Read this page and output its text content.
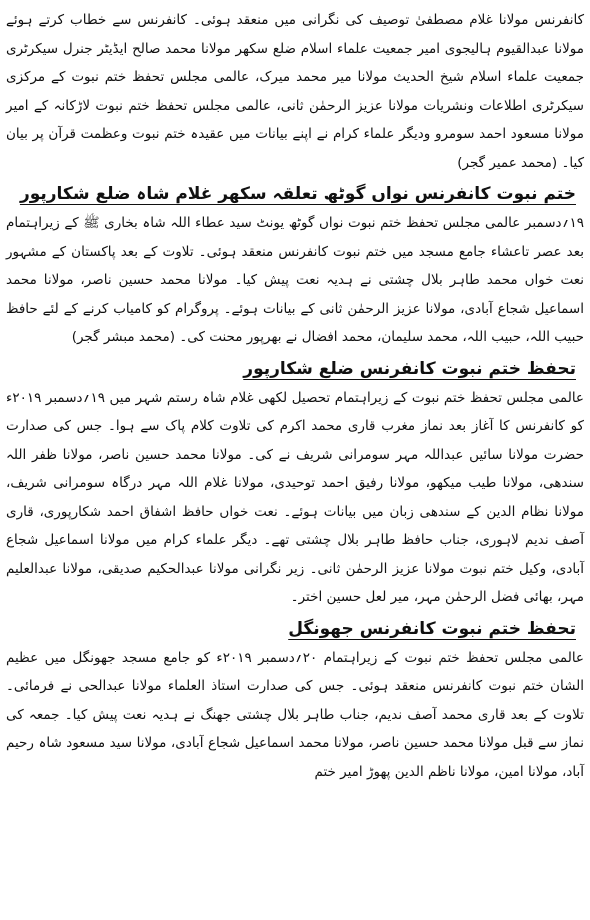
کانفرنس مولانا غلام مصطفیٰ توصیف کی نگرانی میں منعقد ہوئی۔ کانفرنس سے خطاب کرتے ہوئے مولانا عبدالقیوم ہالیجوی امیر جمعیت علماء اسلام ضلع سکھر مولانا محمد صالح ایڈیٹر جنرل سیکرٹری جمعیت علماء اسلام شیخ الحدیث مولانا میر محمد میرک، عالمی مجلس تحفظ ختم نبوت کے مرکزی سیکرٹری اطلاعات ونشریات مولانا عزیز الرحمٰن ثانی، عالمی مجلس تحفظ ختم نبوت لاڑکانہ کے امیر مولانا مسعود احمد سومرو ودیگر علماء کرام نے اپنے بیانات میں عقیدہ ختم نبوت وعظمت قرآن پر بیان کیا۔ (محمد عمیر گجر)

ختم نبوت کانفرنس نواں گوٹھ تعلقہ سکھر غلام شاہ ضلع شکارپور

۱۹؍دسمبر عالمی مجلس تحفظ ختم نبوت نواں گوٹھ یونٹ سید عطاء اللہ شاہ بخاری ﷺ کے زیراہتمام بعد عصر تاعشاء جامع مسجد میں ختم نبوت کانفرنس منعقد ہوئی۔ تلاوت کے بعد پاکستان کے مشہور نعت خواں محمد طاہر بلال چشتی نے ہدیہ نعت پیش کیا۔ مولانا محمد حسین ناصر، مولانا محمد اسماعیل شجاع آبادی، مولانا عزیز الرحمٰن ثانی کے بیانات ہوئے۔ پروگرام کو کامیاب کرنے کے لئے حافظ حبیب اللہ، حبیب اللہ، محمد سلیمان، محمد افضال نے بھرپور محنت کی۔ (محمد مبشر گجر)

تحفظ ختم نبوت کانفرنس ضلع شکارپور

عالمی مجلس تحفظ ختم نبوت کے زیراہتمام تحصیل لکھی غلام شاہ رستم شہر میں ۱۹؍دسمبر ۲۰۱۹ء کو کانفرنس کا آغاز بعد نماز مغرب قاری محمد اکرم کی تلاوت کلام پاک سے ہوا۔ جس کی صدارت حضرت مولانا سائیں عبداللہ مہر سومرانی شریف نے کی۔ مولانا محمد حسین ناصر، مولانا ظفر اللہ سندھی، مولانا طیب میکھو، مولانا رفیق احمد توحیدی، مولانا غلام اللہ مہر درگاہ سومرانی شریف، مولانا نظام الدین کے سندھی زبان میں بیانات ہوئے۔ نعت خواں حافظ اشفاق احمد شکارپوری، قاری آصف ندیم لاہوری، جناب حافظ طاہر بلال چشتی تھے۔ دیگر علماء کرام میں مولانا اسماعیل شجاع آبادی، وکیل ختم نبوت مولانا عزیز الرحمٰن ثانی۔ زیر نگرانی مولانا عبدالحکیم صدیقی، مولانا عبدالعلیم مہر، بھائی فضل الرحمٰن مہر، میر لعل حسین اختر۔

تحفظ ختم نبوت کانفرنس جھونگل

عالمی مجلس تحفظ ختم نبوت کے زیراہتمام ۲۰؍دسمبر ۲۰۱۹ء کو جامع مسجد جھونگل میں عظیم الشان ختم نبوت کانفرنس منعقد ہوئی۔ جس کی صدارت استاذ العلماء مولانا عبدالحی نے فرمائی۔ تلاوت کے بعد قاری محمد آصف ندیم، جناب طاہر بلال چشتی جھنگ نے ہدیہ نعت پیش کیا۔ جمعہ کی نماز سے قبل مولانا محمد حسین ناصر، مولانا محمد اسماعیل شجاع آبادی، مولانا سید مسعود شاہ رحیم آباد، مولانا امین، مولانا ناظم الدین پھوڑ امیر ختم
